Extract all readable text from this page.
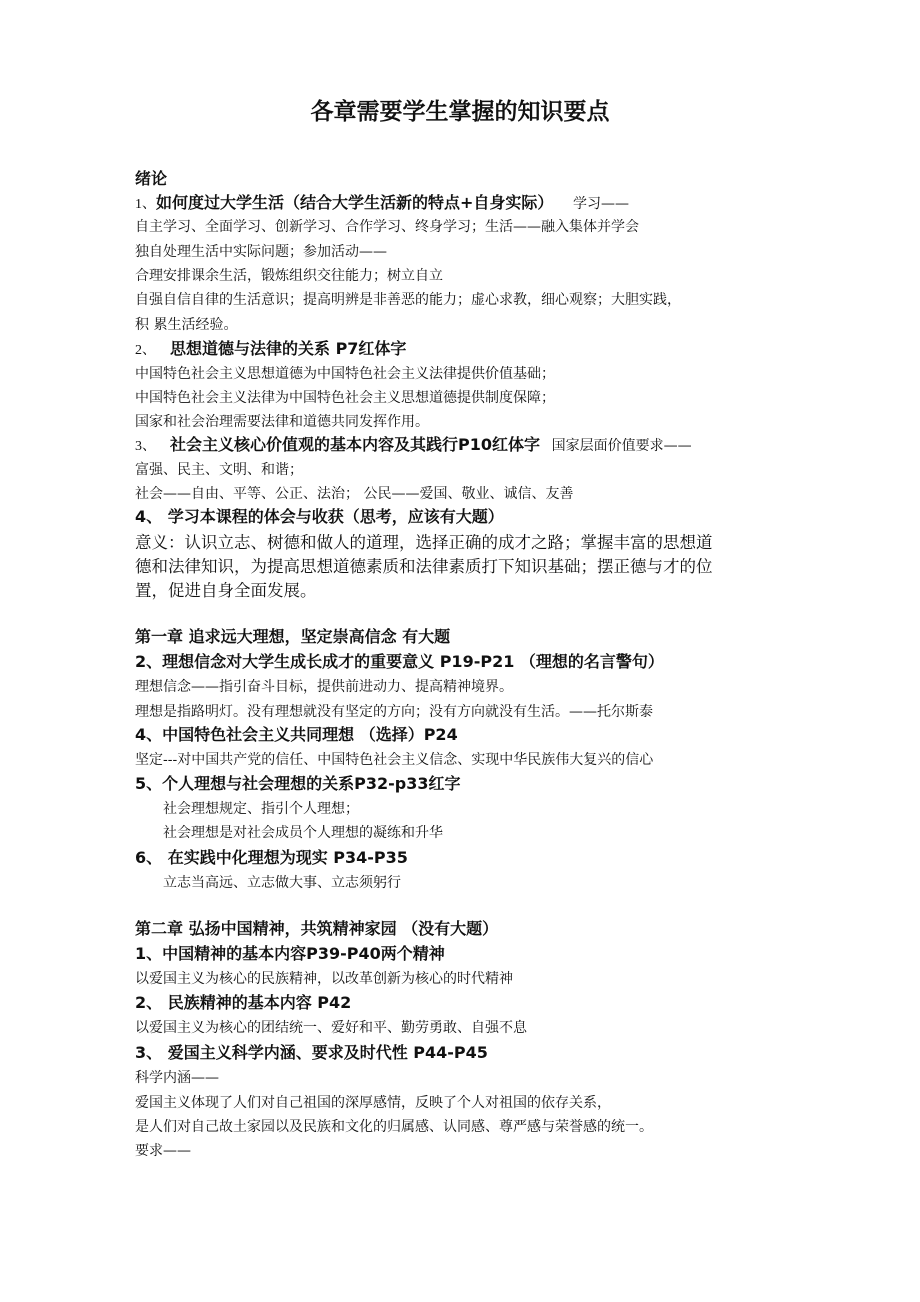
各章需要学生掌握的知识要点
绪论
1、如何度过大学生活（结合大学生活新的特点+自身实际） 学习——
自主学习、全面学习、创新学习、合作学习、终身学习；生活——融入集体并学会
独自处理生活中实际问题；参加活动——
合理安排课余生活，锻炼组织交往能力；树立自立
自强自信自律的生活意识；提高明辨是非善恶的能力；虚心求教，细心观察；大胆实践，
积 累生活经验。
2、 思想道德与法律的关系 P7红体字
中国特色社会主义思想道德为中国特色社会主义法律提供价值基础；
中国特色社会主义法律为中国特色社会主义思想道德提供制度保障；
国家和社会治理需要法律和道德共同发挥作用。
3、 社会主义核心价值观的基本内容及其践行P10红体字 国家层面价值要求——
富强、民主、文明、和谐；
社会——自由、平等、公正、法治； 公民——爱国、敬业、诚信、友善
4、 学习本课程的体会与收获（思考，应该有大题）
意义：认识立志、树德和做人的道理，选择正确的成才之路；掌握丰富的思想道
德和法律知识，为提高思想道德素质和法律素质打下知识基础；摆正德与才的位
置，促进自身全面发展。
第一章 追求远大理想，坚定崇高信念 有大题
2、理想信念对大学生成长成才的重要意义 P19-P21 （理想的名言警句）
理想信念——指引奋斗目标，提供前进动力、提高精神境界。
理想是指路明灯。没有理想就没有坚定的方向；没有方向就没有生活。——托尔斯泰
4、中国特色社会主义共同理想 （选择）P24
坚定---对中国共产党的信任、中国特色社会主义信念、实现中华民族伟大复兴的信心
5、个人理想与社会理想的关系P32-p33红字
社会理想规定、指引个人理想；
社会理想是对社会成员个人理想的凝练和升华
6、 在实践中化理想为现实 P34-P35
立志当高远、立志做大事、立志须躬行
第二章 弘扬中国精神，共筑精神家园 （没有大题）
1、中国精神的基本内容P39-P40两个精神
以爱国主义为核心的民族精神，以改革创新为核心的时代精神
2、 民族精神的基本内容 P42
以爱国主义为核心的团结统一、爱好和平、勤劳勇敢、自强不息
3、 爱国主义科学内涵、要求及时代性 P44-P45
科学内涵——
爱国主义体现了人们对自己祖国的深厚感情，反映了个人对祖国的依存关系，
是人们对自己故土家园以及民族和文化的归属感、认同感、尊严感与荣誉感的统一。
要求——
